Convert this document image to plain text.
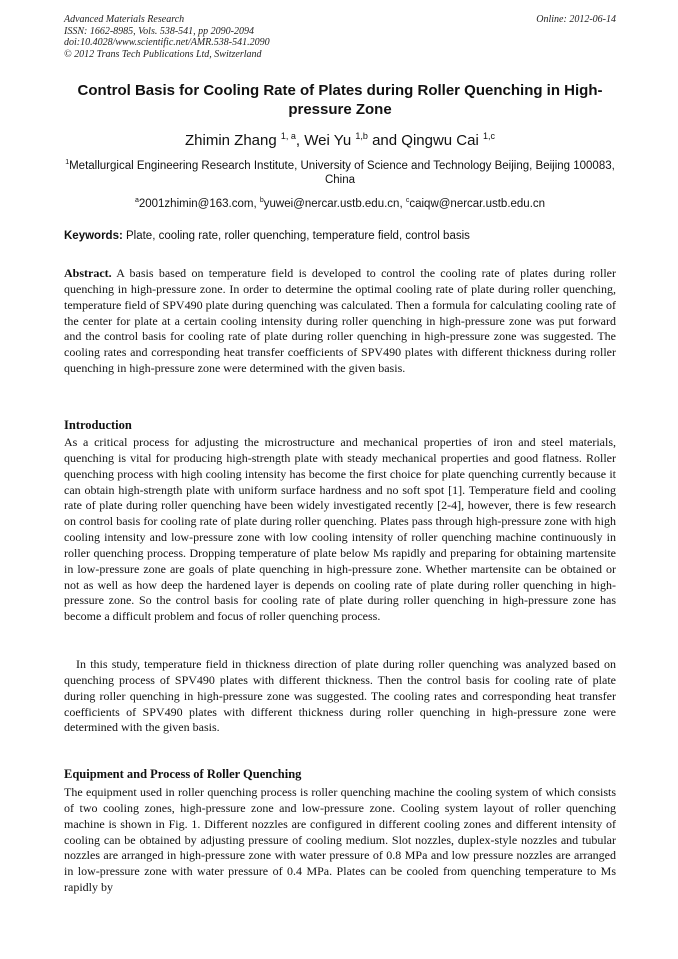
Advanced Materials Research
ISSN: 1662-8985, Vols. 538-541, pp 2090-2094
doi:10.4028/www.scientific.net/AMR.538-541.2090
© 2012 Trans Tech Publications Ltd, Switzerland
Online: 2012-06-14
Control Basis for Cooling Rate of Plates during Roller Quenching in High-pressure Zone
Zhimin Zhang $^{1, a}$, Wei Yu $^{1,b}$ and Qingwu Cai $^{1,c}$
$^1$Metallurgical Engineering Research Institute, University of Science and Technology Beijing, Beijing 100083, China
$^a$2001zhimin@163.com, $^b$yuwei@nercar.ustb.edu.cn, $^c$caiqw@nercar.ustb.edu.cn
Keywords: Plate, cooling rate, roller quenching, temperature field, control basis
Abstract. A basis based on temperature field is developed to control the cooling rate of plates during roller quenching in high-pressure zone. In order to determine the optimal cooling rate of plate during roller quenching, temperature field of SPV490 plate during quenching was calculated. Then a formula for calculating cooling rate of the center for plate at a certain cooling intensity during roller quenching in high-pressure zone was put forward and the control basis for cooling rate of plate during roller quenching in high-pressure zone was suggested. The cooling rates and corresponding heat transfer coefficients of SPV490 plates with different thickness during roller quenching in high-pressure zone were determined with the given basis.
Introduction
As a critical process for adjusting the microstructure and mechanical properties of iron and steel materials, quenching is vital for producing high-strength plate with steady mechanical properties and good flatness. Roller quenching process with high cooling intensity has become the first choice for plate quenching currently because it can obtain high-strength plate with uniform surface hardness and no soft spot [1]. Temperature field and cooling rate of plate during roller quenching have been widely investigated recently [2-4], however, there is few research on control basis for cooling rate of plate during roller quenching. Plates pass through high-pressure zone with high cooling intensity and low-pressure zone with low cooling intensity of roller quenching machine continuously in roller quenching process. Dropping temperature of plate below Ms rapidly and preparing for obtaining martensite in low-pressure zone are goals of plate quenching in high-pressure zone. Whether martensite can be obtained or not as well as how deep the hardened layer is depends on cooling rate of plate during roller quenching in high-pressure zone. So the control basis for cooling rate of plate during roller quenching in high-pressure zone has become a difficult problem and focus of roller quenching process.
In this study, temperature field in thickness direction of plate during roller quenching was analyzed based on quenching process of SPV490 plates with different thickness. Then the control basis for cooling rate of plate during roller quenching in high-pressure zone was suggested. The cooling rates and corresponding heat transfer coefficients of SPV490 plates with different thickness during roller quenching in high-pressure zone were determined with the given basis.
Equipment and Process of Roller Quenching
The equipment used in roller quenching process is roller quenching machine the cooling system of which consists of two cooling zones, high-pressure zone and low-pressure zone. Cooling system layout of roller quenching machine is shown in Fig. 1. Different nozzles are configured in different cooling zones and different intensity of cooling can be obtained by adjusting pressure of cooling medium. Slot nozzles, duplex-style nozzles and tubular nozzles are arranged in high-pressure zone with water pressure of 0.8 MPa and low pressure nozzles are arranged in low-pressure zone with water pressure of 0.4 MPa. Plates can be cooled from quenching temperature to Ms rapidly by
